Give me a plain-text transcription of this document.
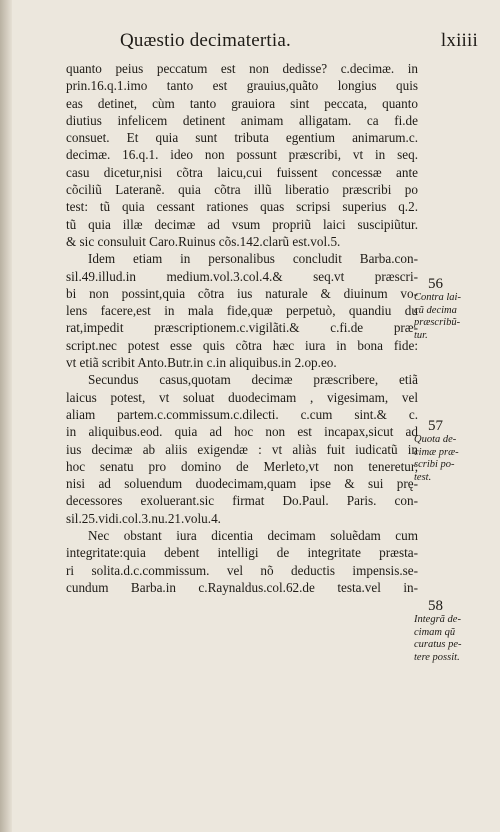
Quæstio decimatertia.	lxiiii
quanto peius peccatum est non dedisse? c.decimæ. in
prin.16.q.1.imo tanto est grauius,quãto longius quis
eas detinet, cùm tanto grauiora sint peccata, quanto
diutius infelicem detinent animam alligatam. ca fi.de
consuet. Et quia sunt tributa egentium animarum.c.
decimæ. 16.q.1. ideo non possunt præscribi, vt in seq.
casu dicetur,nisi cõtra laicu,cui fuissent concessæ ante
cõciliũ Lateranẽ. quia cõtra illũ liberatio præscribi po
test: tũ quia cessant rationes quas scripsi superius q.2.
tũ quia illæ decimæ ad vsum propriũ laici suscipiũtur.
& sic consuluit Caro.Ruinus cõs.142.clarũ est.vol.5.
Idem etiam in personalibus concludit Barba.con-
sil.49.illud.in medium.vol.3.col.4.& seq.vt præscri-
bi non possint,quia cõtra ius naturale & diuinum vo-
lens facere,est in mala fide,quæ perpetuò, quandiu du
rat,impedit præscriptionem.c.vigilãti.& c.fi.de præ-
script.nec potest esse quis cõtra hæc iura in bona fide:
vt etiã scribit Anto.Butr.in c.in aliquibus.in 2.op.eo.
Secundus casus,quotam decimæ præscribere, etiã
laicus potest, vt soluat duodecimam , vigesimam, vel
aliam partem.c.commissum.c.dilecti. c.cum sint.& c.
in aliquibus.eod. quia ad hoc non est incapax,sicut ad
ius decimæ ab aliis exigendæ : vt aliàs fuit iudicatũ in
hoc senatu pro domino de Merleto,vt non teneretur,
nisi ad soluendum duodecimam,quam ipse & sui prę-
decessores exoluerant.sic firmat Do.Paul. Paris. con-
sil.25.vidi.col.3.nu.21.volu.4.
Nec obstant iura dicentia decimam soluẽdam cum
integritate:quia debent intelligi de integritate præsta-
ri solita.d.c.commissum. vel nõ deductis impensis.se-
cundum Barba.in c.Raynaldus.col.62.de testa.vel in-
56
Contra lai-
cũ decima
præscribũ-
tur.
57
Quota de-
cimæ præ-
scribi po-
test.
58
Integrã de-
cimam qũ
curatus pe-
tere possit.
